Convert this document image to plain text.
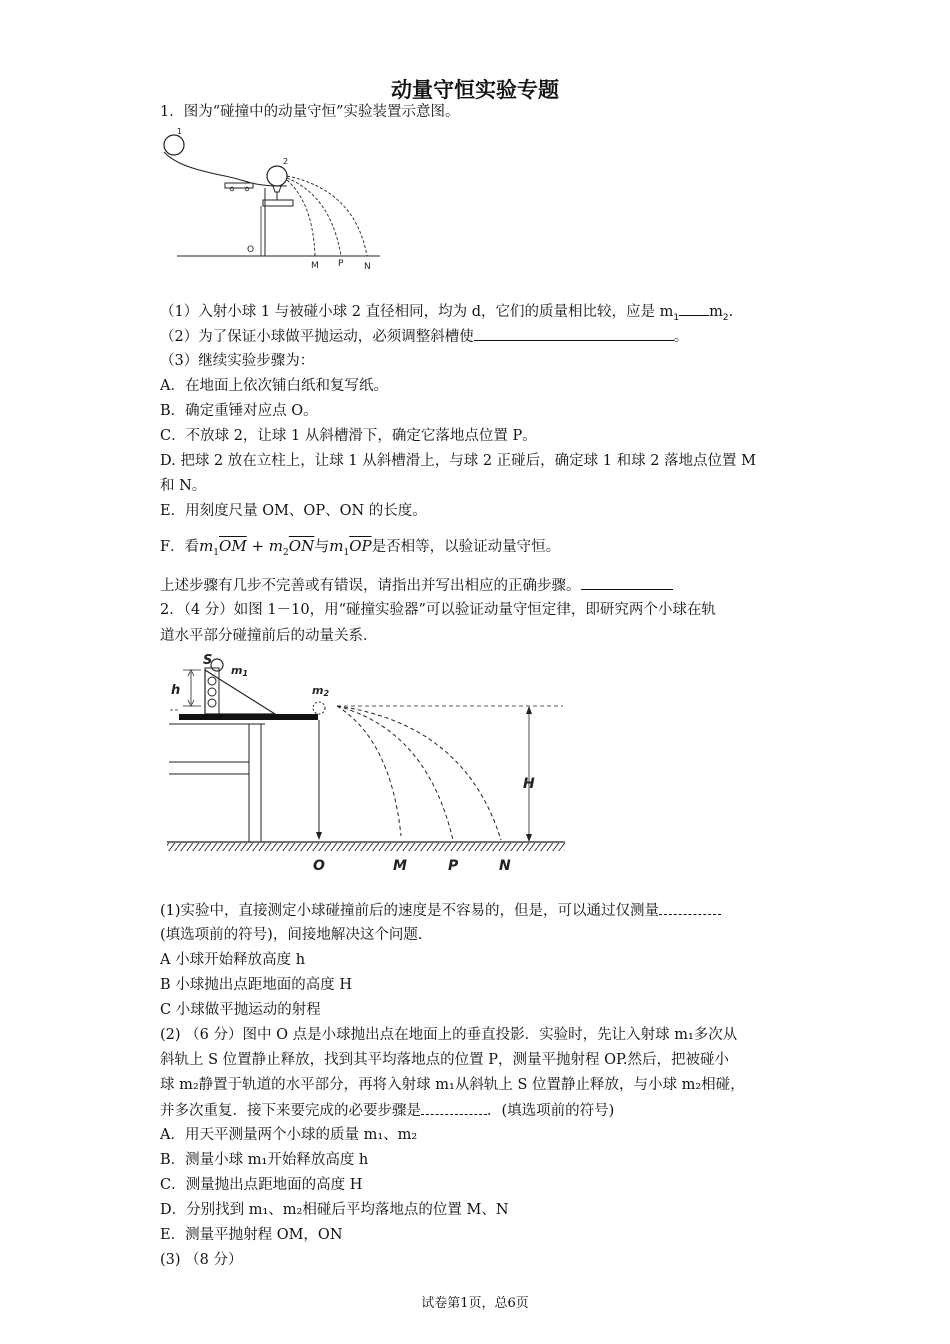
动量守恒实验专题
1．图为“碰撞中的动量守恒”实验装置示意图。
1
2
O
M P N
（1）入射小球 1 与被碰小球 2 直径相同，均为 d，它们的质量相比较，应是 $m_1$ $m_2$.
（2）为了保证小球做平抛运动，必须调整斜槽使	。
（3）继续实验步骤为：
A．在地面上依次铺白纸和复写纸。
B．确定重锤对应点 O。
C．不放球 2，让球 1 从斜槽滑下，确定它落地点位置 P。
D. 把球 2 放在立柱上，让球 1 从斜槽滑上，与球 2 正碰后，确定球 1 和球 2 落地点位置 M
和 N。
E．用刻度尺量 OM、OP、ON 的长度。
F．看$m_1\overline{OM} + m_2\overline{ON}$与$m_1\overline{OP}$是否相等，以验证动量守恒。
上述步骤有几步不完善或有错误，请指出并写出相应的正确步骤。
2．（4 分）如图 1－10，用“碰撞实验器”可以验证动量守恒定律，即研究两个小球在轨
道水平部分碰撞前后的动量关系．
S
m1
h	m2
H
O	M	P	N
(1)实验中，直接测定小球碰撞前后的速度是不容易的，但是，可以通过仅测量
(填选项前的符号)，间接地解决这个问题.
A 小球开始释放高度 h
B 小球抛出点距地面的高度 H
C 小球做平抛运动的射程
(2) （6 分）图中 O 点是小球抛出点在地面上的垂直投影．实验时，先让入射球 m₁多次从
斜轨上 S 位置静止释放，找到其平均落地点的位置 P，测量平抛射程 OP.然后，把被碰小
球 m₂静置于轨道的水平部分，再将入射球 m₁从斜轨上 S 位置静止释放，与小球 m₂相碰，
并多次重复．接下来要完成的必要步骤是	．(填选项前的符号)
A．用天平测量两个小球的质量 m₁、m₂
B．测量小球 m₁开始释放高度 h
C．测量抛出点距地面的高度 H
D．分别找到 m₁、m₂相碰后平均落地点的位置 M、N
E．测量平抛射程 OM，ON
(3) （8 分）
试卷第1页，总6页
